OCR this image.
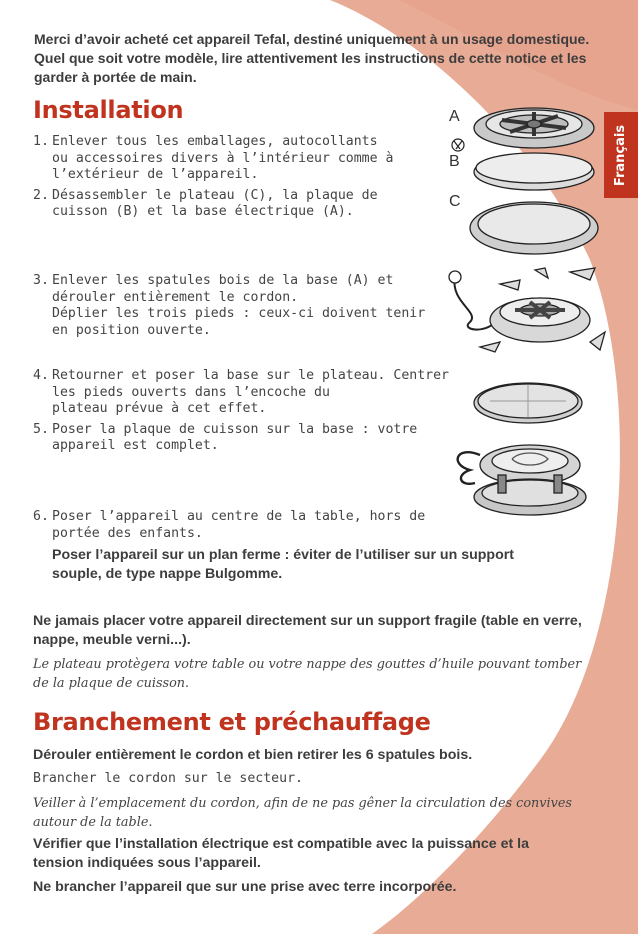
Français
Merci d’avoir acheté cet appareil Tefal, destiné uniquement à un usage domestique. Quel que soit votre modèle, lire attentivement les instructions de cette notice et les garder à portée de main.
Installation
1. Enlever tous les emballages, autocollants
ou accessoires divers à l’intérieur comme à
l’extérieur de l’appareil.
2. Désassembler le plateau (C), la plaque de
cuisson (B) et la base électrique (A).
3. Enlever les spatules bois de la base (A) et
dérouler entièrement le cordon.
Déplier les trois pieds : ceux-ci doivent tenir
en position ouverte.
4. Retourner et poser la base sur le plateau. Centrer
les pieds ouverts dans l’encoche du
plateau prévue à cet effet.
5. Poser la plaque de cuisson sur la base : votre
appareil est complet.
6. Poser l’appareil au centre de la table, hors de
portée des enfants.
Poser l’appareil sur un plan ferme : éviter de l’utiliser sur un support souple, de type nappe Bulgomme.
Ne jamais placer votre appareil directement sur un support fragile (table en verre, nappe, meuble verni...).
Le plateau protègera votre table ou votre nappe des gouttes d’huile pouvant tomber de la plaque de cuisson.
Branchement et préchauffage
Dérouler entièrement le cordon et bien retirer les 6 spatules bois.
Brancher le cordon sur le secteur.
Veiller à l’emplacement du cordon, afin de ne pas gêner la circulation des convives autour de la table.
Vérifier que l’installation électrique est compatible avec la puissance et la tension indiquées sous l’appareil.
Ne brancher l’appareil que sur une prise avec terre incorporée.
A
B
C
